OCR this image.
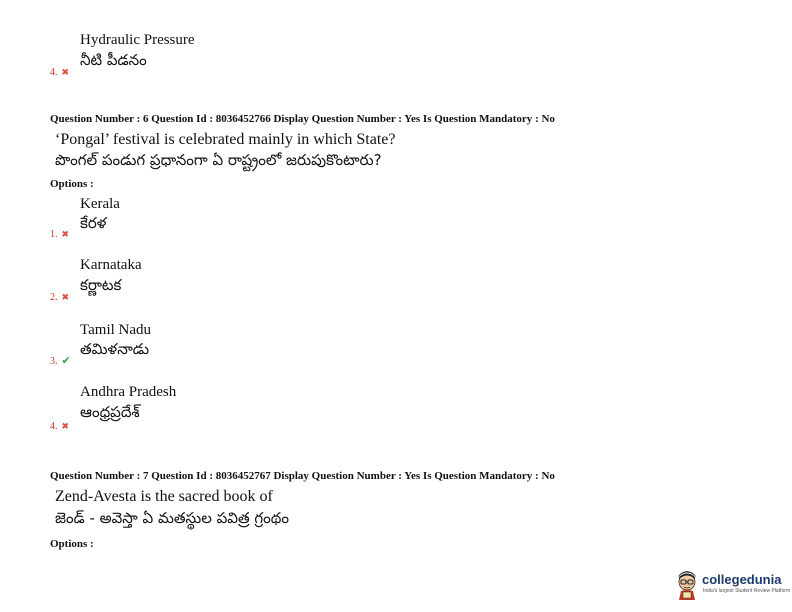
Hydraulic Pressure
నీటి పీడనం
4. ✖
Question Number : 6 Question Id : 8036452766 Display Question Number : Yes Is Question Mandatory : No
‘Pongal’ festival is celebrated mainly in which State?
పొంగల్ పండుగ ప్రధానంగా ఏ రాష్ట్రంలో జరుపుకొంటారు?
Options :
Kerala
కేరళ
1. ✖
Karnataka
కర్ణాటక
2. ✖
Tamil Nadu
తమిళనాడు
3. ✔
Andhra Pradesh
ఆంధ్రప్రదేశ్
4. ✖
Question Number : 7 Question Id : 8036452767 Display Question Number : Yes Is Question Mandatory : No
Zend-Avesta is the sacred book of
జెండ్ - అవెస్తా ఏ మతస్థుల పవిత్ర గ్రంథం
Options :
collegedunia
India's largest Student Review Platform
